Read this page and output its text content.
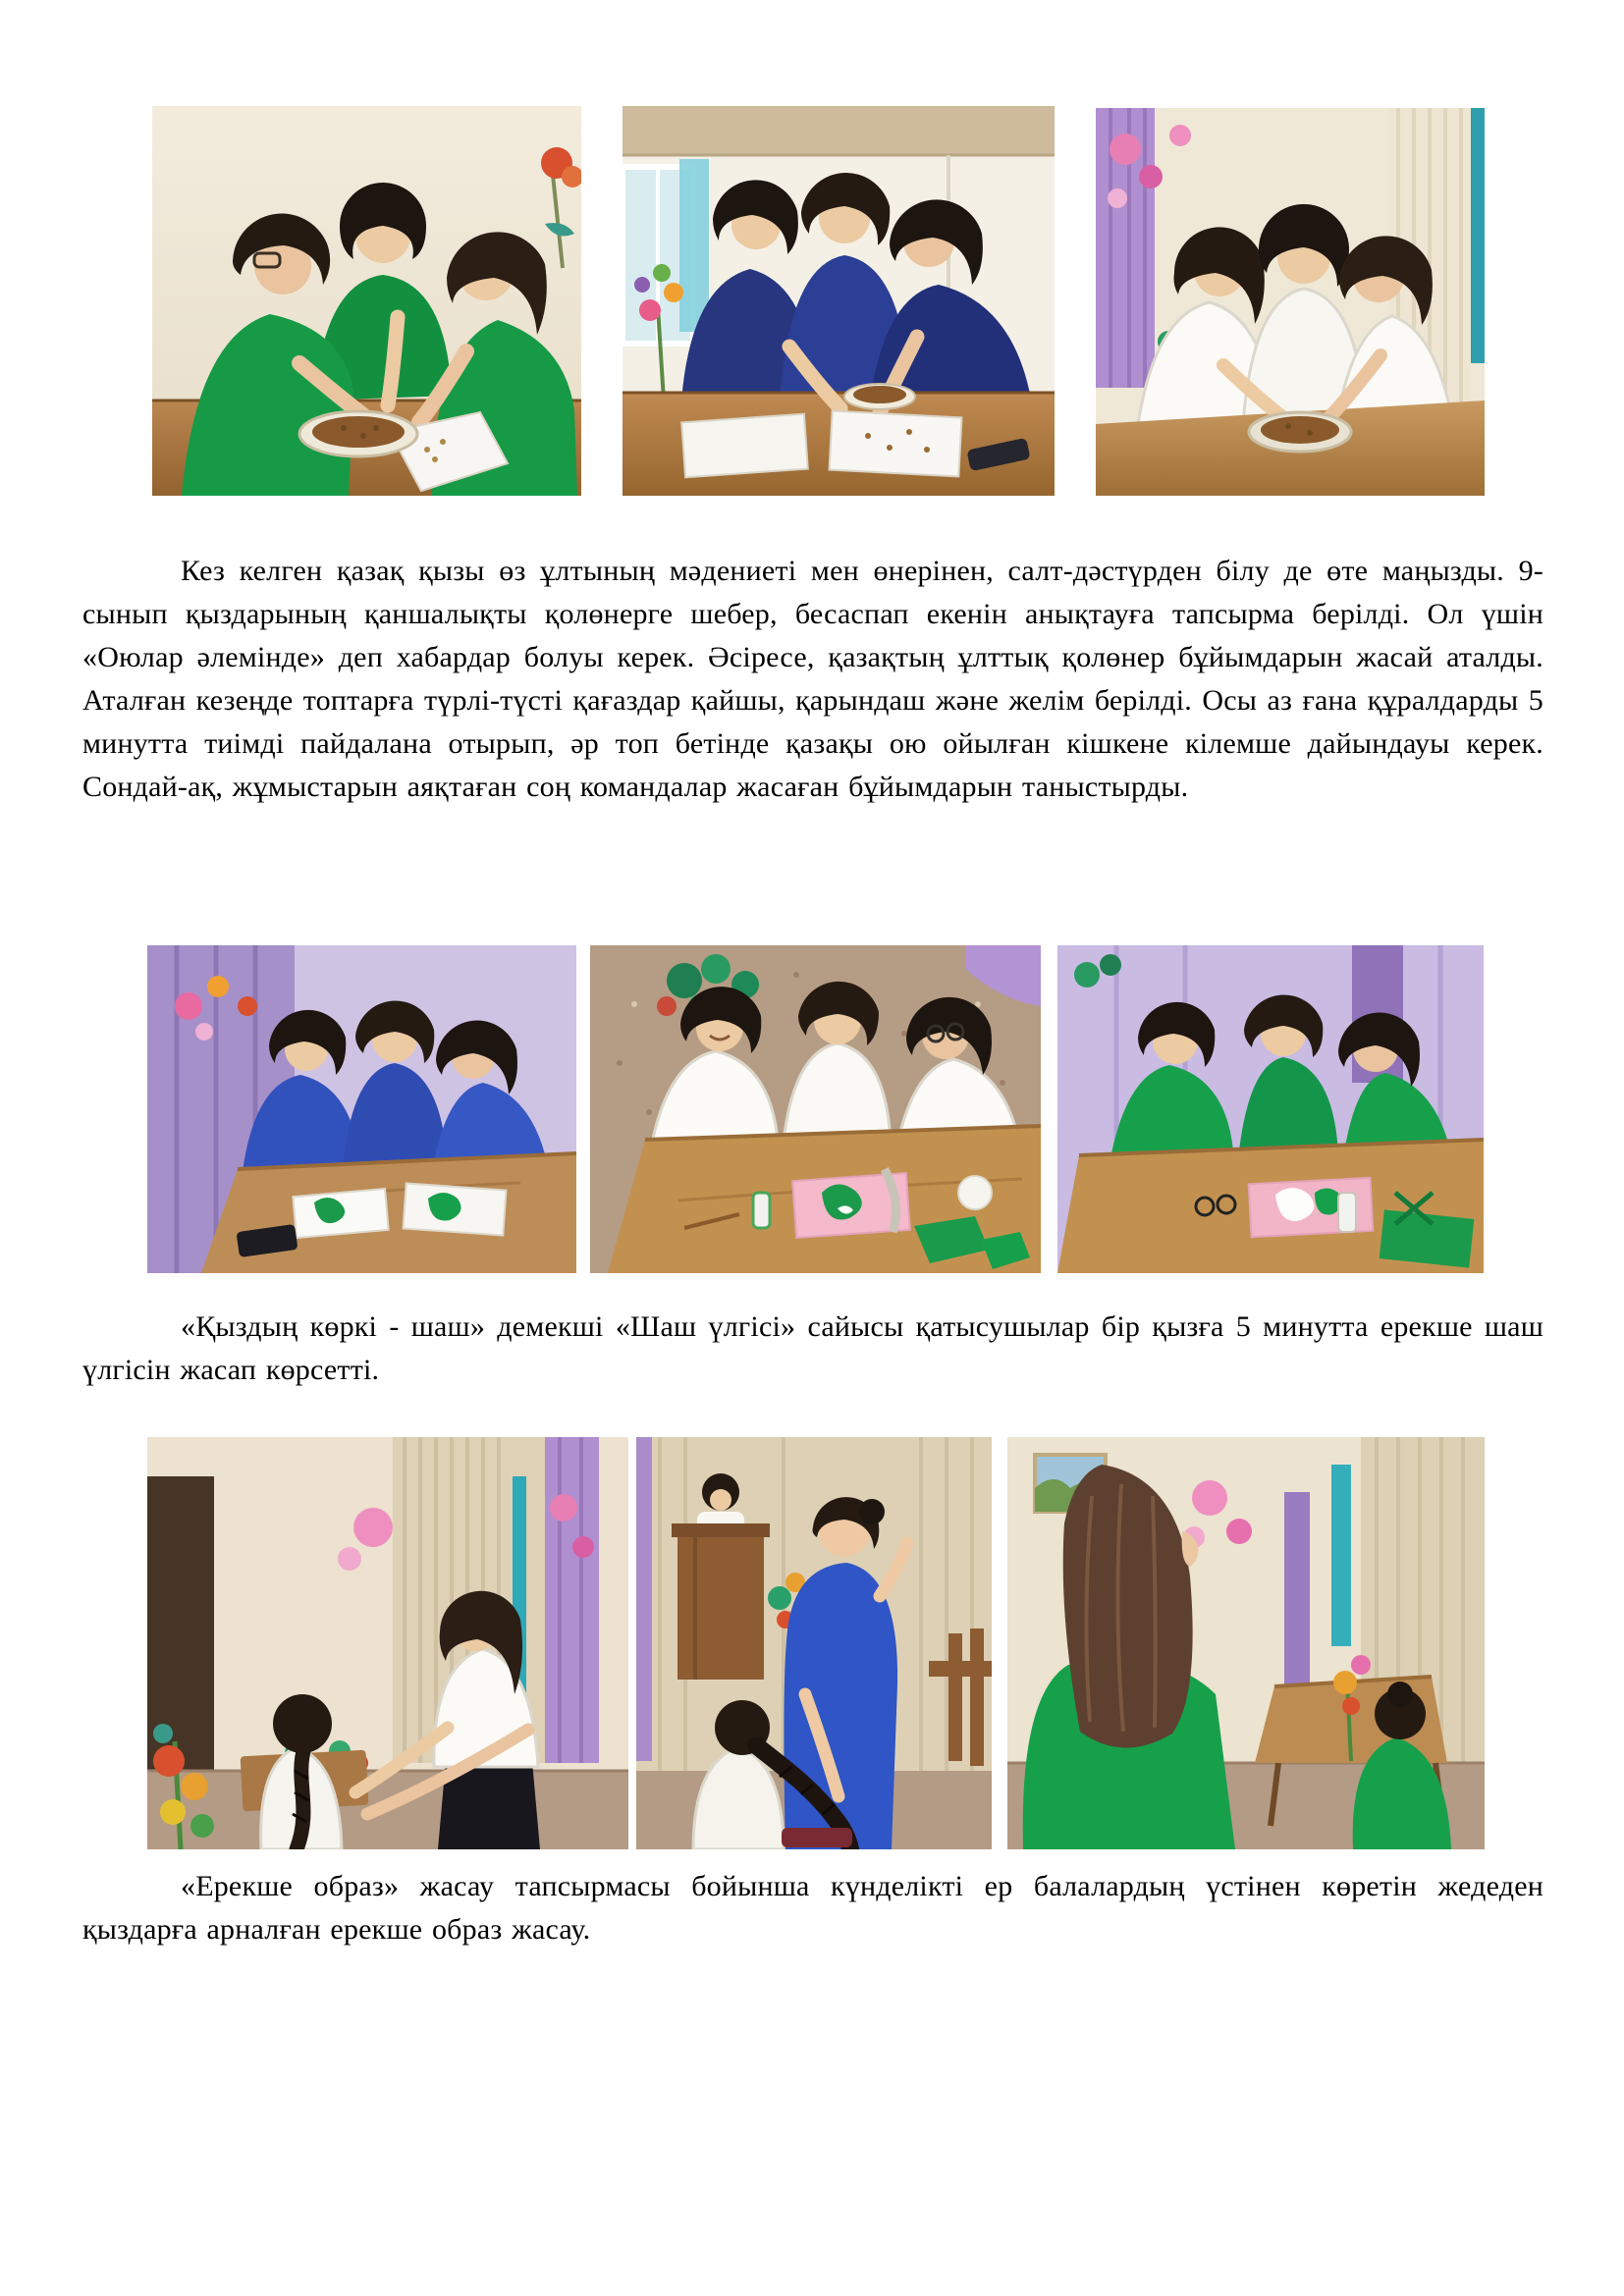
Кез келген қазақ қызы өз ұлтының мәдениеті мен өнерінен, салт-дәстүрден білу де өте маңызды. 9-сынып қыздарының қаншалықты қолөнерге шебер, бесаспап екенін анықтауға тапсырма берілді. Ол үшін «Оюлар әлемінде» деп хабардар болуы керек. Әсіресе, қазақтың ұлттық қолөнер бұйымдарын жасай аталды. Аталған кезеңде топтарға түрлі-түсті қағаздар қайшы, қарындаш және желім берілді. Осы аз ғана құралдарды 5 минутта тиімді пайдалана отырып, әр топ бетінде қазақы ою ойылған кішкене кілемше дайындауы керек. Сондай-ақ, жұмыстарын аяқтаған соң командалар жасаған бұйымдарын таныстырды.

«Қыздың көркі - шаш» демекші «Шаш үлгісі» сайысы қатысушылар бір қызға 5 минутта ерекше шаш үлгісін жасап көрсетті.

«Ерекше образ» жасау тапсырмасы бойынша күнделікті ер балалардың үстінен көретін жедеден қыздарға арналған ерекше образ жасау.
